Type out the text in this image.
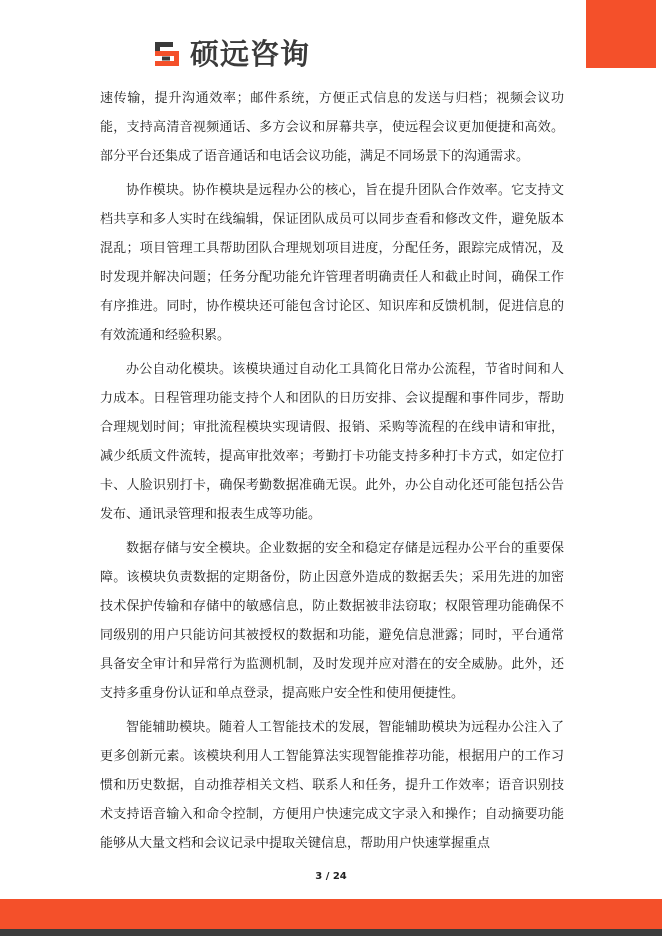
硕远咨询

速传输，提升沟通效率；邮件系统，方便正式信息的发送与归档；视频会议功能，支持高清音视频通话、多方会议和屏幕共享，使远程会议更加便捷和高效。部分平台还集成了语音通话和电话会议功能，满足不同场景下的沟通需求。

协作模块。协作模块是远程办公的核心，旨在提升团队合作效率。它支持文档共享和多人实时在线编辑，保证团队成员可以同步查看和修改文件，避免版本混乱；项目管理工具帮助团队合理规划项目进度，分配任务，跟踪完成情况，及时发现并解决问题；任务分配功能允许管理者明确责任人和截止时间，确保工作有序推进。同时，协作模块还可能包含讨论区、知识库和反馈机制，促进信息的有效流通和经验积累。

办公自动化模块。该模块通过自动化工具简化日常办公流程，节省时间和人力成本。日程管理功能支持个人和团队的日历安排、会议提醒和事件同步，帮助合理规划时间；审批流程模块实现请假、报销、采购等流程的在线申请和审批，减少纸质文件流转，提高审批效率；考勤打卡功能支持多种打卡方式，如定位打卡、人脸识别打卡，确保考勤数据准确无误。此外，办公自动化还可能包括公告发布、通讯录管理和报表生成等功能。

数据存储与安全模块。企业数据的安全和稳定存储是远程办公平台的重要保障。该模块负责数据的定期备份，防止因意外造成的数据丢失；采用先进的加密技术保护传输和存储中的敏感信息，防止数据被非法窃取；权限管理功能确保不同级别的用户只能访问其被授权的数据和功能，避免信息泄露；同时，平台通常具备安全审计和异常行为监测机制，及时发现并应对潜在的安全威胁。此外，还支持多重身份认证和单点登录，提高账户安全性和使用便捷性。

智能辅助模块。随着人工智能技术的发展，智能辅助模块为远程办公注入了更多创新元素。该模块利用人工智能算法实现智能推荐功能，根据用户的工作习惯和历史数据，自动推荐相关文档、联系人和任务，提升工作效率；语音识别技术支持语音输入和命令控制，方便用户快速完成文字录入和操作；自动摘要功能能够从大量文档和会议记录中提取关键信息，帮助用户快速掌握重点

3 / 24
